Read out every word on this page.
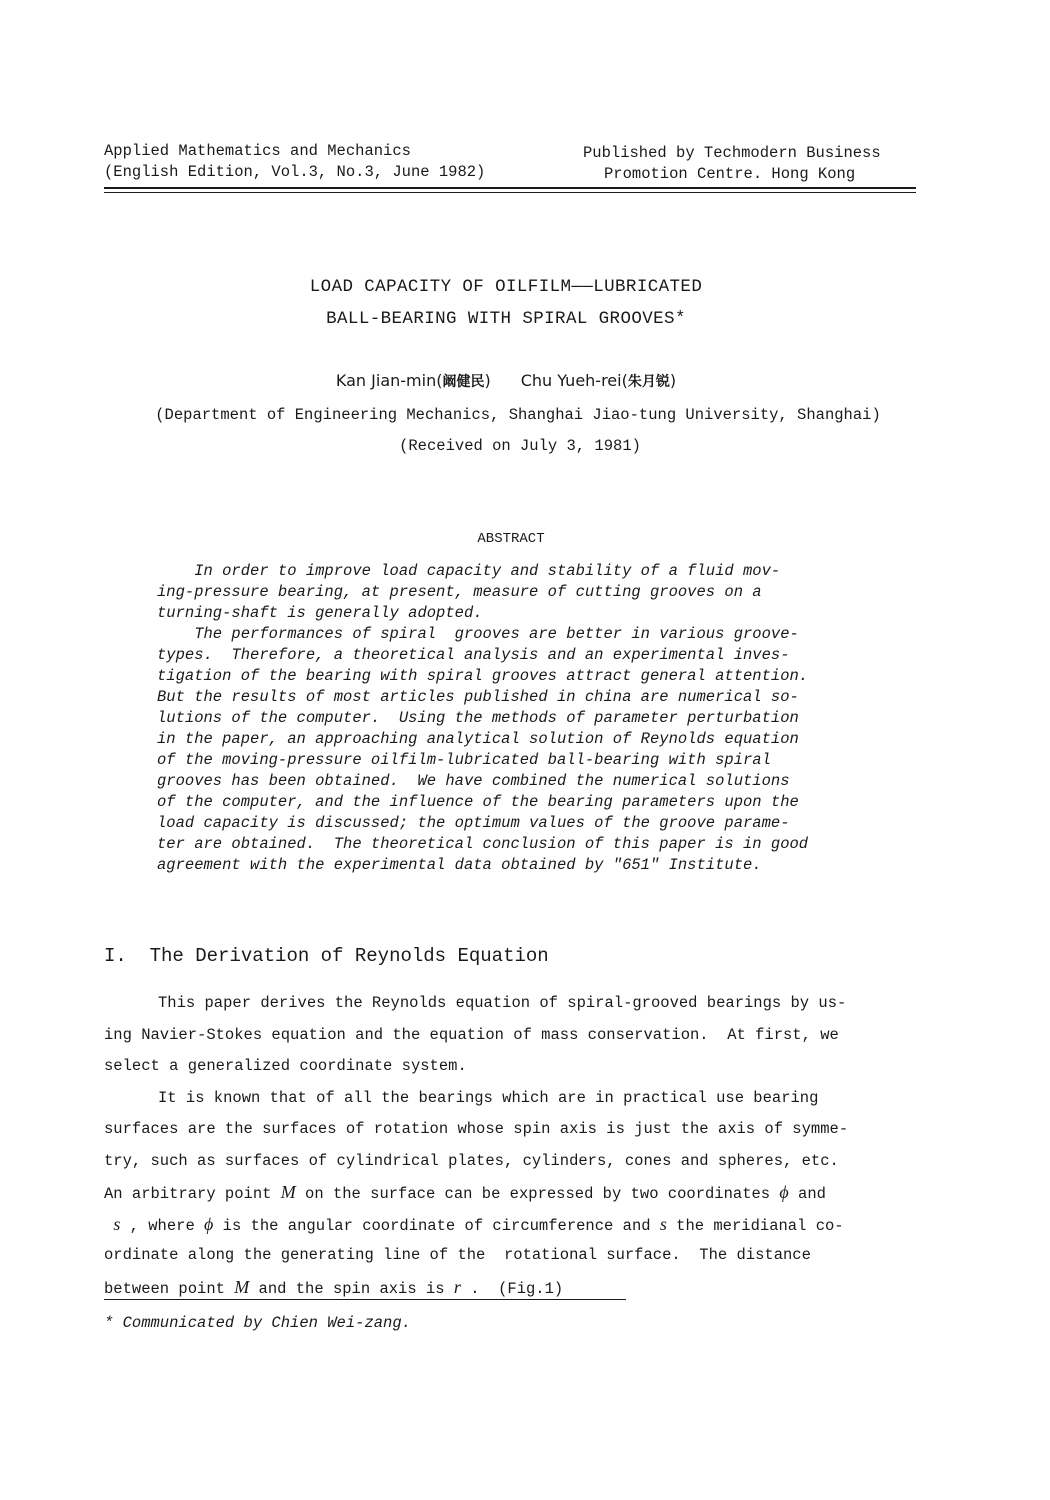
Applied Mathematics and Mechanics
(English Edition, Vol.3, No.3, June 1982)
Published by Techmodern Business
Promotion Centre. Hong Kong
LOAD CAPACITY OF OILFILM——LUBRICATED
BALL-BEARING WITH SPIRAL GROOVES*
Kan Jian-min(阚健民) Chu Yueh-rei(朱月锐)
(Department of Engineering Mechanics, Shanghai Jiao-tung University, Shanghai)
(Received on July 3, 1981)
ABSTRACT

In order to improve load capacity and stability of a fluid mov-

ing-pressure bearing, at present, measure of cutting grooves on a

turning-shaft is generally adopted.

The performances of spiral  grooves are better in various groove-

types.  Therefore, a theoretical analysis and an experimental inves-

tigation of the bearing with spiral grooves attract general attention.

But the results of most articles published in china are numerical so-

lutions of the computer.  Using the methods of parameter perturbation

in the paper, an approaching analytical solution of Reynolds equation

of the moving-pressure oilfilm-lubricated ball-bearing with spiral

grooves has been obtained.  We have combined the numerical solutions

of the computer, and the influence of the bearing parameters upon the

load capacity is discussed; the optimum values of the groove parame-

ter are obtained.  The theoretical conclusion of this paper is in good

agreement with the experimental data obtained by "651" Institute.

I. The Derivation of Reynolds Equation
This paper derives the Reynolds equation of spiral-grooved bearings by us-
ing Navier-Stokes equation and the equation of mass conservation.  At first, we
select a generalized coordinate system.
It is known that of all the bearings which are in practical use bearing
surfaces are the surfaces of rotation whose spin axis is just the axis of symme-
try, such as surfaces of cylindrical plates, cylinders, cones and spheres, etc.
An arbitrary point M on the surface can be expressed by two coordinates ϕ and
s , where ϕ is the angular coordinate of circumference and s the meridianal co-
ordinate along the generating line of the  rotational surface.  The distance
between point M and the spin axis is r .  (Fig.1)
* Communicated by Chien Wei-zang.
